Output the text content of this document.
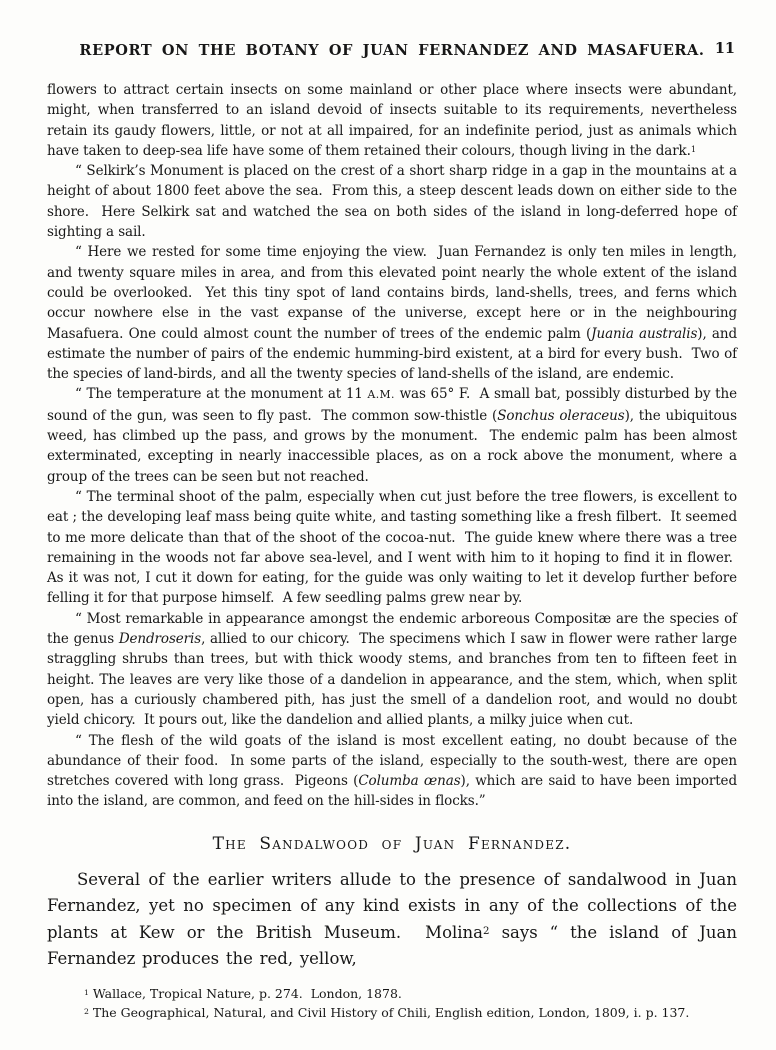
REPORT ON THE BOTANY OF JUAN FERNANDEZ AND MASAFUERA. 11

flowers to attract certain insects on some mainland or other place where insects were abundant, might, when transferred to an island devoid of insects suitable to its requirements, nevertheless retain its gaudy flowers, little, or not at all impaired, for an indefinite period, just as animals which have taken to deep-sea life have some of them retained their colours, though living in the dark.$^1$

“ Selkirk’s Monument is placed on the crest of a short sharp ridge in a gap in the mountains at a height of about 1800 feet above the sea.  From this, a steep descent leads down on either side to the shore.  Here Selkirk sat and watched the sea on both sides of the island in long-deferred hope of sighting a sail.

“ Here we rested for some time enjoying the view.  Juan Fernandez is only ten miles in length, and twenty square miles in area, and from this elevated point nearly the whole extent of the island could be overlooked.  Yet this tiny spot of land contains birds, land-shells, trees, and ferns which occur nowhere else in the vast expanse of the universe, except here or in the neighbouring Masafuera. One could almost count the number of trees of the endemic palm (Juania australis), and estimate the number of pairs of the endemic humming-bird existent, at a bird for every bush.  Two of the species of land-birds, and all the twenty species of land-shells of the island, are endemic.

“ The temperature at the monument at 11 A.M. was 65° F.  A small bat, possibly disturbed by the sound of the gun, was seen to fly past.  The common sow-thistle (Sonchus oleraceus), the ubiquitous weed, has climbed up the pass, and grows by the monument.  The endemic palm has been almost exterminated, excepting in nearly inaccessible places, as on a rock above the monument, where a group of the trees can be seen but not reached.

“ The terminal shoot of the palm, especially when cut just before the tree flowers, is excellent to eat ; the developing leaf mass being quite white, and tasting something like a fresh filbert.  It seemed to me more delicate than that of the shoot of the cocoa-nut.  The guide knew where there was a tree remaining in the woods not far above sea-level, and I went with him to it hoping to find it in flower.  As it was not, I cut it down for eating, for the guide was only waiting to let it develop further before felling it for that purpose himself.  A few seedling palms grew near by.

“ Most remarkable in appearance amongst the endemic arboreous Compositæ are the species of the genus Dendroseris, allied to our chicory.  The specimens which I saw in flower were rather large straggling shrubs than trees, but with thick woody stems, and branches from ten to fifteen feet in height. The leaves are very like those of a dandelion in appearance, and the stem, which, when split open, has a curiously chambered pith, has just the smell of a dandelion root, and would no doubt yield chicory.  It pours out, like the dandelion and allied plants, a milky juice when cut.

“ The flesh of the wild goats of the island is most excellent eating, no doubt because of the abundance of their food.  In some parts of the island, especially to the south-west, there are open stretches covered with long grass.  Pigeons (Columba œnas), which are said to have been imported into the island, are common, and feed on the hill-sides in flocks.”

The Sandalwood of Juan Fernandez.

Several of the earlier writers allude to the presence of sandalwood in Juan Fernandez, yet no specimen of any kind exists in any of the collections of the plants at Kew or the British Museum.  Molina$^2$ says “ the island of Juan Fernandez produces the red, yellow,

$^1$ Wallace, Tropical Nature, p. 274.  London, 1878.

$^2$ The Geographical, Natural, and Civil History of Chili, English edition, London, 1809, i. p. 137.
